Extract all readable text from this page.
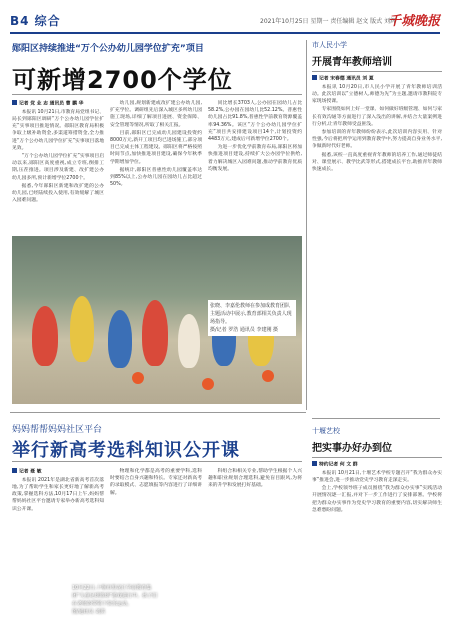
B4 综合	2021年10月25日 星期一 责任编辑 赵文 版式 刘辉
千城晚报
郧阳区持续推进“万个公办幼儿园学位扩充”项目
可新增2700个学位

记者 党 业 志 通讯员 曹 鹏 华

本报讯 10月21日,市教育局党组书记、局长到郧阳区调研“万个公办幼儿园学位扩充”实事项目推进情况。郧阳区教育局积极争取上级补助资金,多渠道筹措资金,全力推进“万个公办幼儿园学位扩充”实事项目落地见效。

“万个公办幼儿园学位扩充”实事项目启动以来,郧阳区高度重视,成立专班,倒排工期,压茬推进。项目涉及新建、改扩建公办幼儿园多所,预计新增学位2700个。

据悉,今年郧阳区新建和改扩建的公办幼儿园,已经陆续投入使用,有效缓解了城区入园难问题。

幼儿园,规划新建或改扩建公办幼儿园,扩充学位。调研组先后深入城区多所幼儿园施工现场,详细了解项目进展、资金保障、安全管理等情况,听取了相关汇报。

目前,郧阳区已完成幼儿园建设投资约8000万元,新开工项目均已进场施工,部分项目已完成主体工程建设。郧阳区将严格按照时间节点,加快推进项目建设,确保今年秋季学期增加学位。

据统计,郧阳区普惠性幼儿园覆盖率达到85%以上,公办幼儿园在园幼儿占比超过50%。

同比增长3703人,公办园在园幼儿占比58.2%,公办园在园幼儿比52.12%。普惠性幼儿园占比91.8%,普惠性学前教育资源覆盖率94.36%。该区“万个公办幼儿园学位扩充”项目共安排建设项目14个,计划投资约4483万元,建成后可新增学位2700个。

为进一步优化学前教育布局,郧阳区将加快推进项目建设,持续扩大公办园学位供给,着力解决城区入园难问题,推动学前教育优质均衡发展。

10月22日,十堰市黑龙江学前教育集团“儿童足球篮球”游戏进行中。孩子们在老师的带领下快乐运动。
图/通讯员 刘洪
张晓、李嘉伦教师在参加成教育团队主题活动中展示,教育部相关负责人现场指导。
摄/记者 罗浩 通讯员 李建刚 摄
市人民小学
开展青年教师培训

记者 宋春德 通讯员 刘 夏

本报讯 10月20日,市人民小学开展了青年教师培训活动。此次培训以“立德树人,师德为先”为主题,邀请市教科院专家现场授课。

专家围绕如何上好一堂课、如何做好班级管理、如何与家长有效沟通等方面进行了深入浅出的讲解,并结合大量案例进行分析,让青年教师受益匪浅。

参加培训的青年教师纷纷表示,此次培训内容实用、针对性强,今后将把所学运用到教育教学中,努力提高自身业务水平,争做新时代好老师。

据悉,该校一直高度重视青年教师的培养工作,通过师徒结对、课堂展示、教学比武等形式,搭建成长平台,助推青年教师快速成长。

十堰艺校
把实事办好办到位

特约记者 何 文 群

本报讯 10月21日,十堰艺术学校专题召开“我为群众办实事”推进会,进一步推动党史学习教育走深走实。

会上,学校领导班子成员围绕“我为群众办实事”实践活动开展情况逐一汇报,并对下一步工作进行了安排部署。学校将把为群众办实事作为党史学习教育的重要内容,切实解决师生急难愁盼问题。

妈妈帮帮妈妈社区平台
举行新高考选科知识公开课

记者 聂 敏

本报讯 2021年是湖北省新高考首次落地,为了帮助学生和家长更好地了解新高考政策,掌握选科方法,10月17日上午,妈妈帮帮妈妈社区平台邀请专家举办新高考选科知识公开课。

物理和化学都是高考的重要学科,选科时要结合自身兴趣和特长。专家还对新高考的录取模式、志愿填报等内容进行了详细讲解。

科组合和相关专业,帮助学生根据个人兴趣和职业规划合理选科,避免盲目跟风,为将来的升学和发展打好基础。
